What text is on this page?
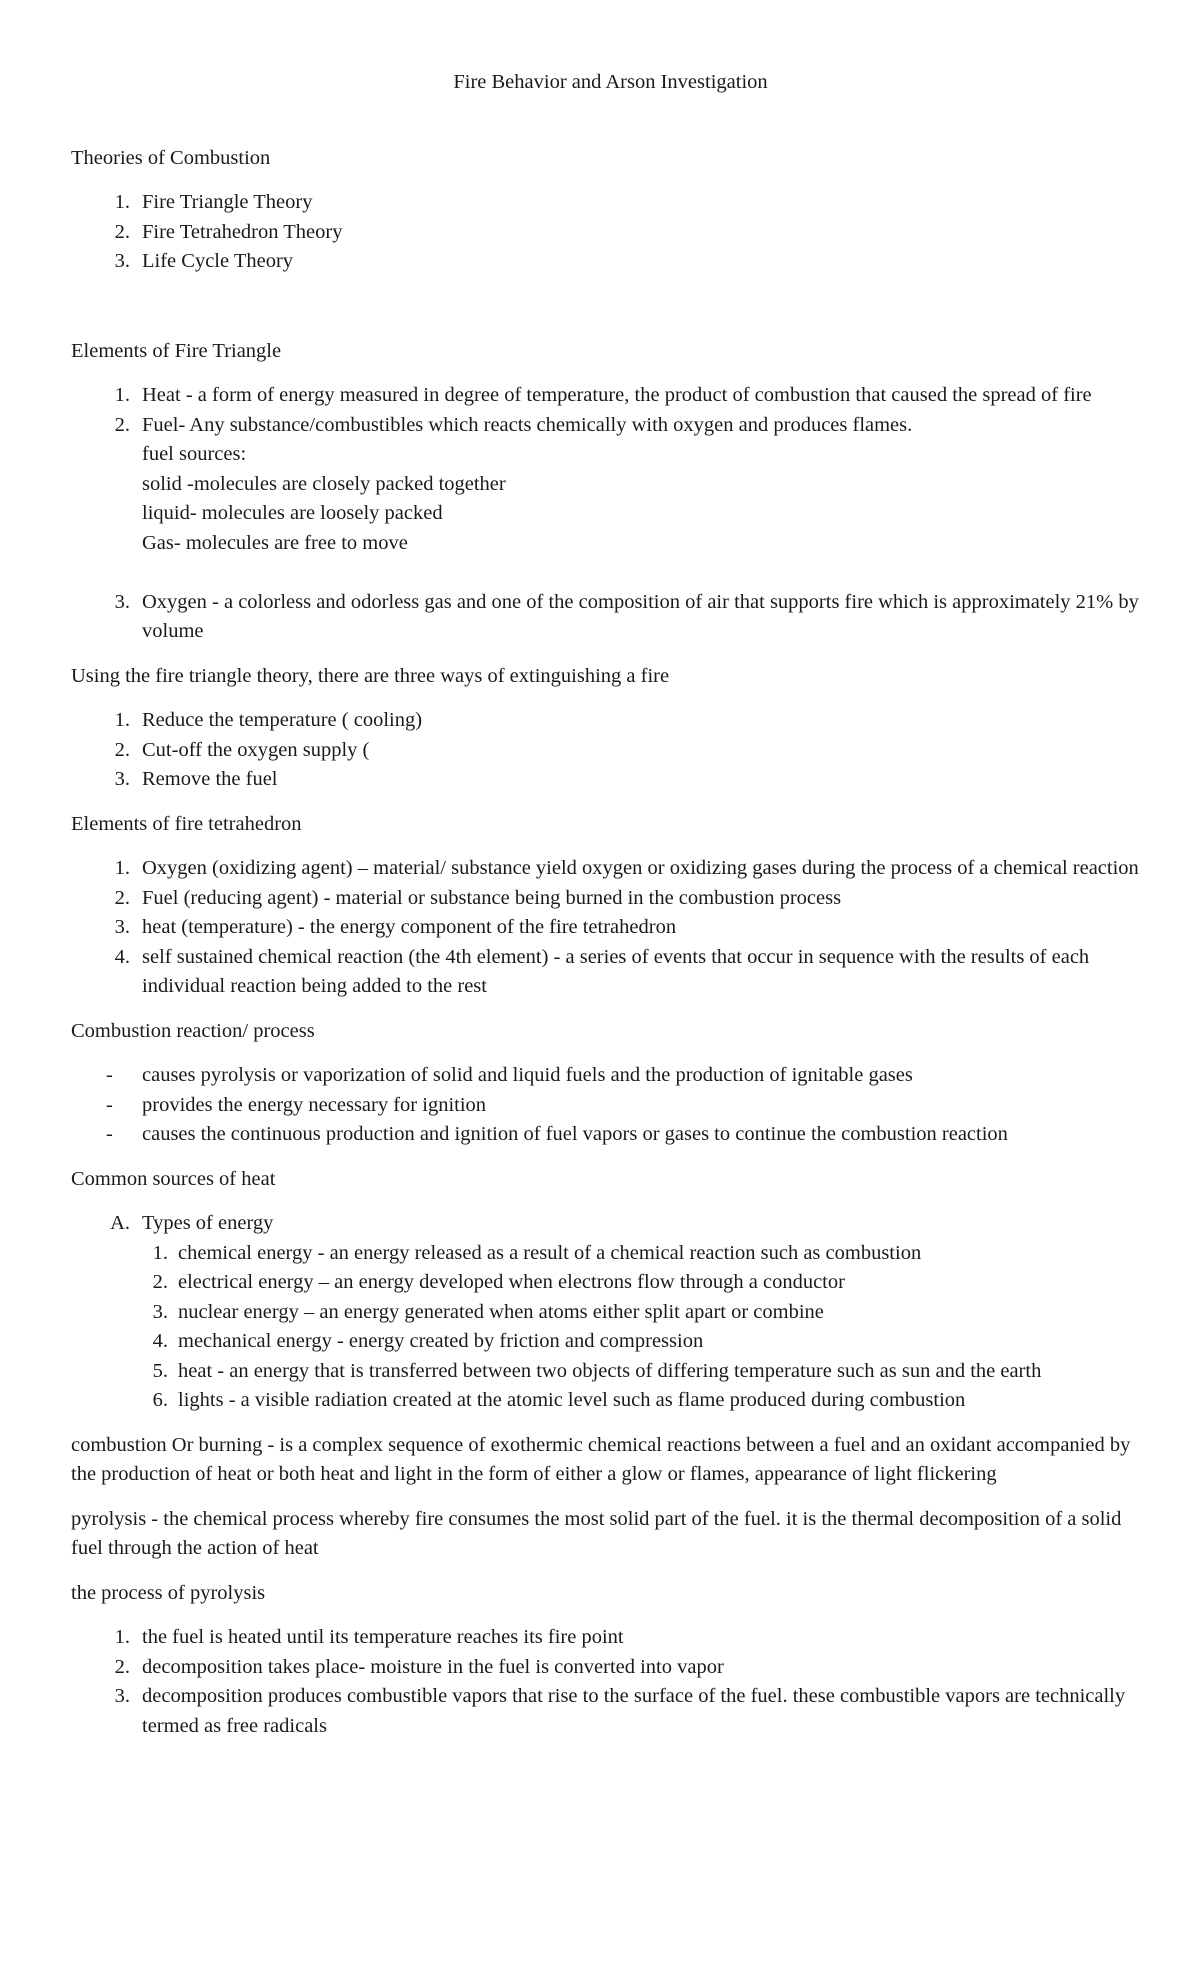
Fire Behavior and Arson Investigation
Theories of Combustion
1. Fire Triangle Theory
2. Fire Tetrahedron Theory
3. Life Cycle Theory
Elements of Fire Triangle
1. Heat - a form of energy measured in degree of temperature, the product of combustion that caused the spread of fire
2. Fuel- Any substance/combustibles which reacts chemically with oxygen and produces flames.
fuel sources:
solid -molecules are closely packed together
liquid- molecules are loosely packed
Gas- molecules are free to move
3. Oxygen - a colorless and odorless gas and one of the composition of air that supports fire which is approximately 21% by volume
Using the fire triangle theory, there are three ways of extinguishing a fire
1. Reduce the temperature ( cooling)
2. Cut-off the oxygen supply (
3. Remove the fuel
Elements of fire tetrahedron
1. Oxygen (oxidizing agent) – material/ substance yield oxygen or oxidizing gases during the process of a chemical reaction
2. Fuel (reducing agent) - material or substance being burned in the combustion process
3. heat (temperature) - the energy component of the fire tetrahedron
4. self sustained chemical reaction (the 4th element) - a series of events that occur in sequence with the results of each individual reaction being added to the rest
Combustion reaction/ process
-	causes pyrolysis or vaporization of solid and liquid fuels and the production of ignitable gases
-	provides the energy necessary for ignition
-	causes the continuous production and ignition of fuel vapors or gases to continue the combustion reaction
Common sources of heat
A. Types of energy
1. chemical energy - an energy released as a result of a chemical reaction such as combustion
2. electrical energy – an energy developed when electrons flow through a conductor
3. nuclear energy – an energy generated when atoms either split apart or combine
4. mechanical energy - energy created by friction and compression
5. heat - an energy that is transferred between two objects of differing temperature such as sun and the earth
6. lights - a visible radiation created at the atomic level such as flame produced during combustion

combustion Or burning - is a complex sequence of exothermic chemical reactions between a fuel and an oxidant accompanied by the production of heat or both heat and light in the form of either a glow or flames, appearance of light flickering

pyrolysis - the chemical process whereby fire consumes the most solid part of the fuel. it is the thermal decomposition of a solid fuel through the action of heat

the process of pyrolysis
1. the fuel is heated until its temperature reaches its fire point
2. decomposition takes place- moisture in the fuel is converted into vapor
3. decomposition produces combustible vapors that rise to the surface of the fuel. these combustible vapors are technically termed as free radicals
